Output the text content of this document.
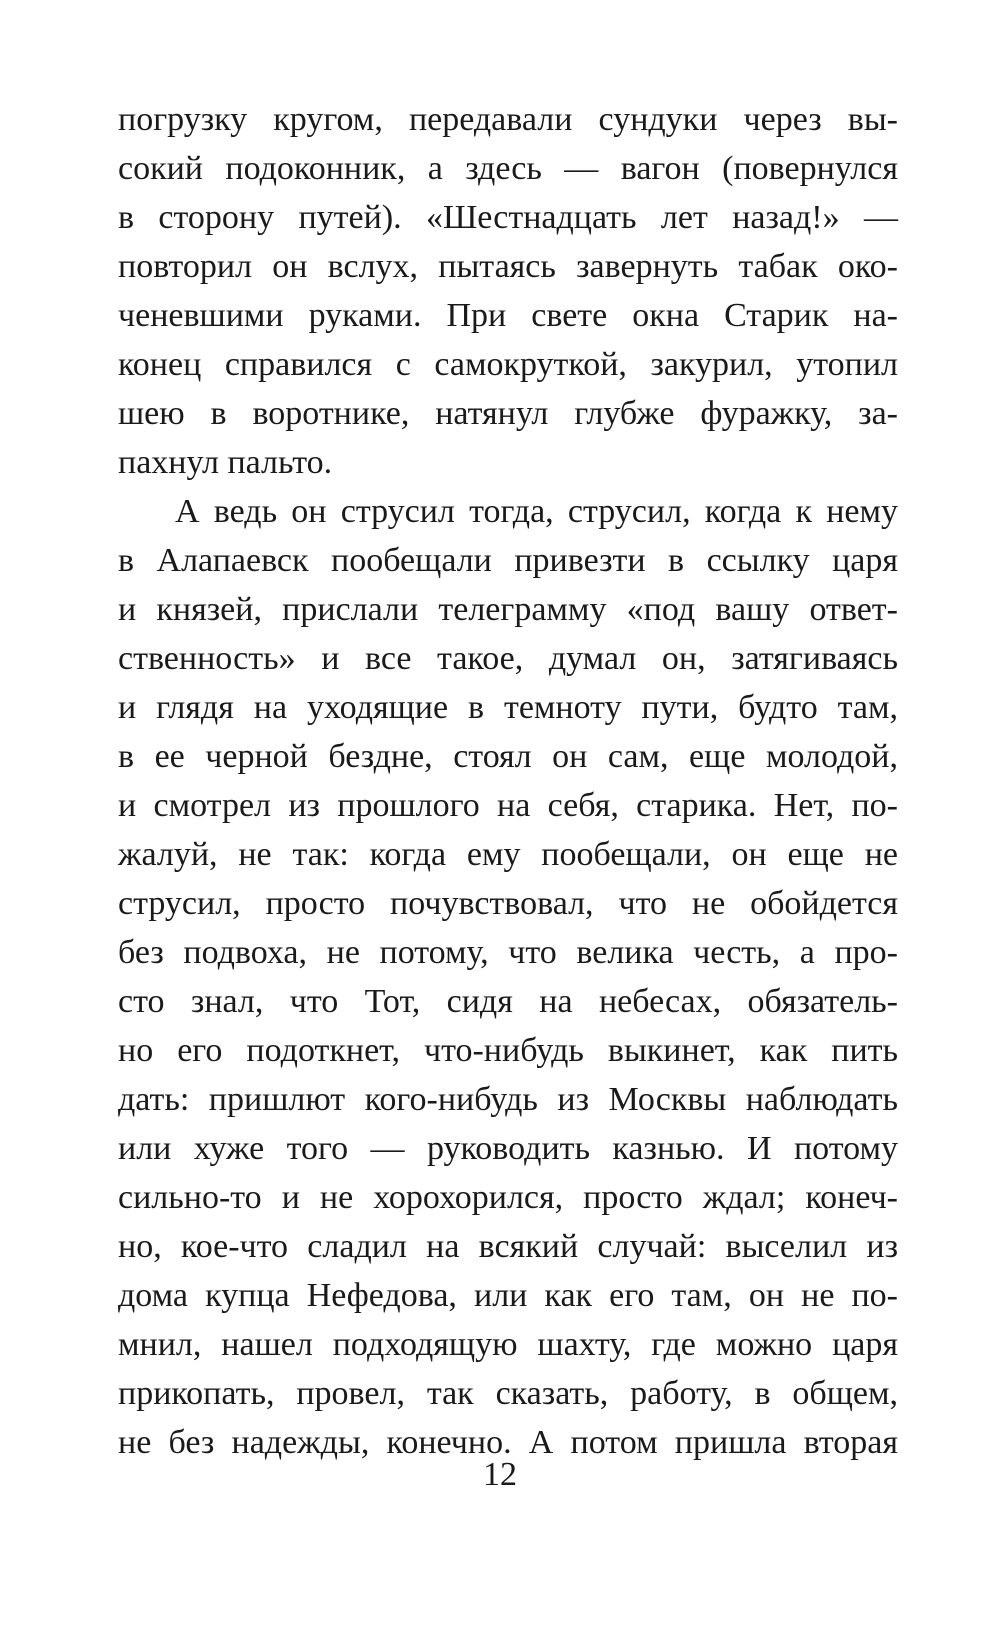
погрузку кругом, передавали сундуки через вы-
сокий подоконник, а здесь — вагон (повернулся
в сторону путей). «Шестнадцать лет назад!» —
повторил он вслух, пытаясь завернуть табак око-
ченевшими руками. При свете окна Старик на-
конец справился с самокруткой, закурил, утопил
шею в воротнике, натянул глубже фуражку, за-
пахнул пальто.
А ведь он струсил тогда, струсил, когда к нему
в Алапаевск пообещали привезти в ссылку царя
и князей, прислали телеграмму «под вашу ответ-
ственность» и все такое, думал он, затягиваясь
и глядя на уходящие в темноту пути, будто там,
в ее черной бездне, стоял он сам, еще молодой,
и смотрел из прошлого на себя, старика. Нет, по-
жалуй, не так: когда ему пообещали, он еще не
струсил, просто почувствовал, что не обойдется
без подвоха, не потому, что велика честь, а про-
сто знал, что Тот, сидя на небесах, обязатель-
но его подоткнет, что-нибудь выкинет, как пить
дать: пришлют кого-нибудь из Москвы наблюдать
или хуже того — руководить казнью. И потому
сильно-то и не хорохорился, просто ждал; конеч-
но, кое-что сладил на всякий случай: выселил из
дома купца Нефедова, или как его там, он не по-
мнил, нашел подходящую шахту, где можно царя
прикопать, провел, так сказать, работу, в общем,
не без надежды, конечно. А потом пришла вторая
12
